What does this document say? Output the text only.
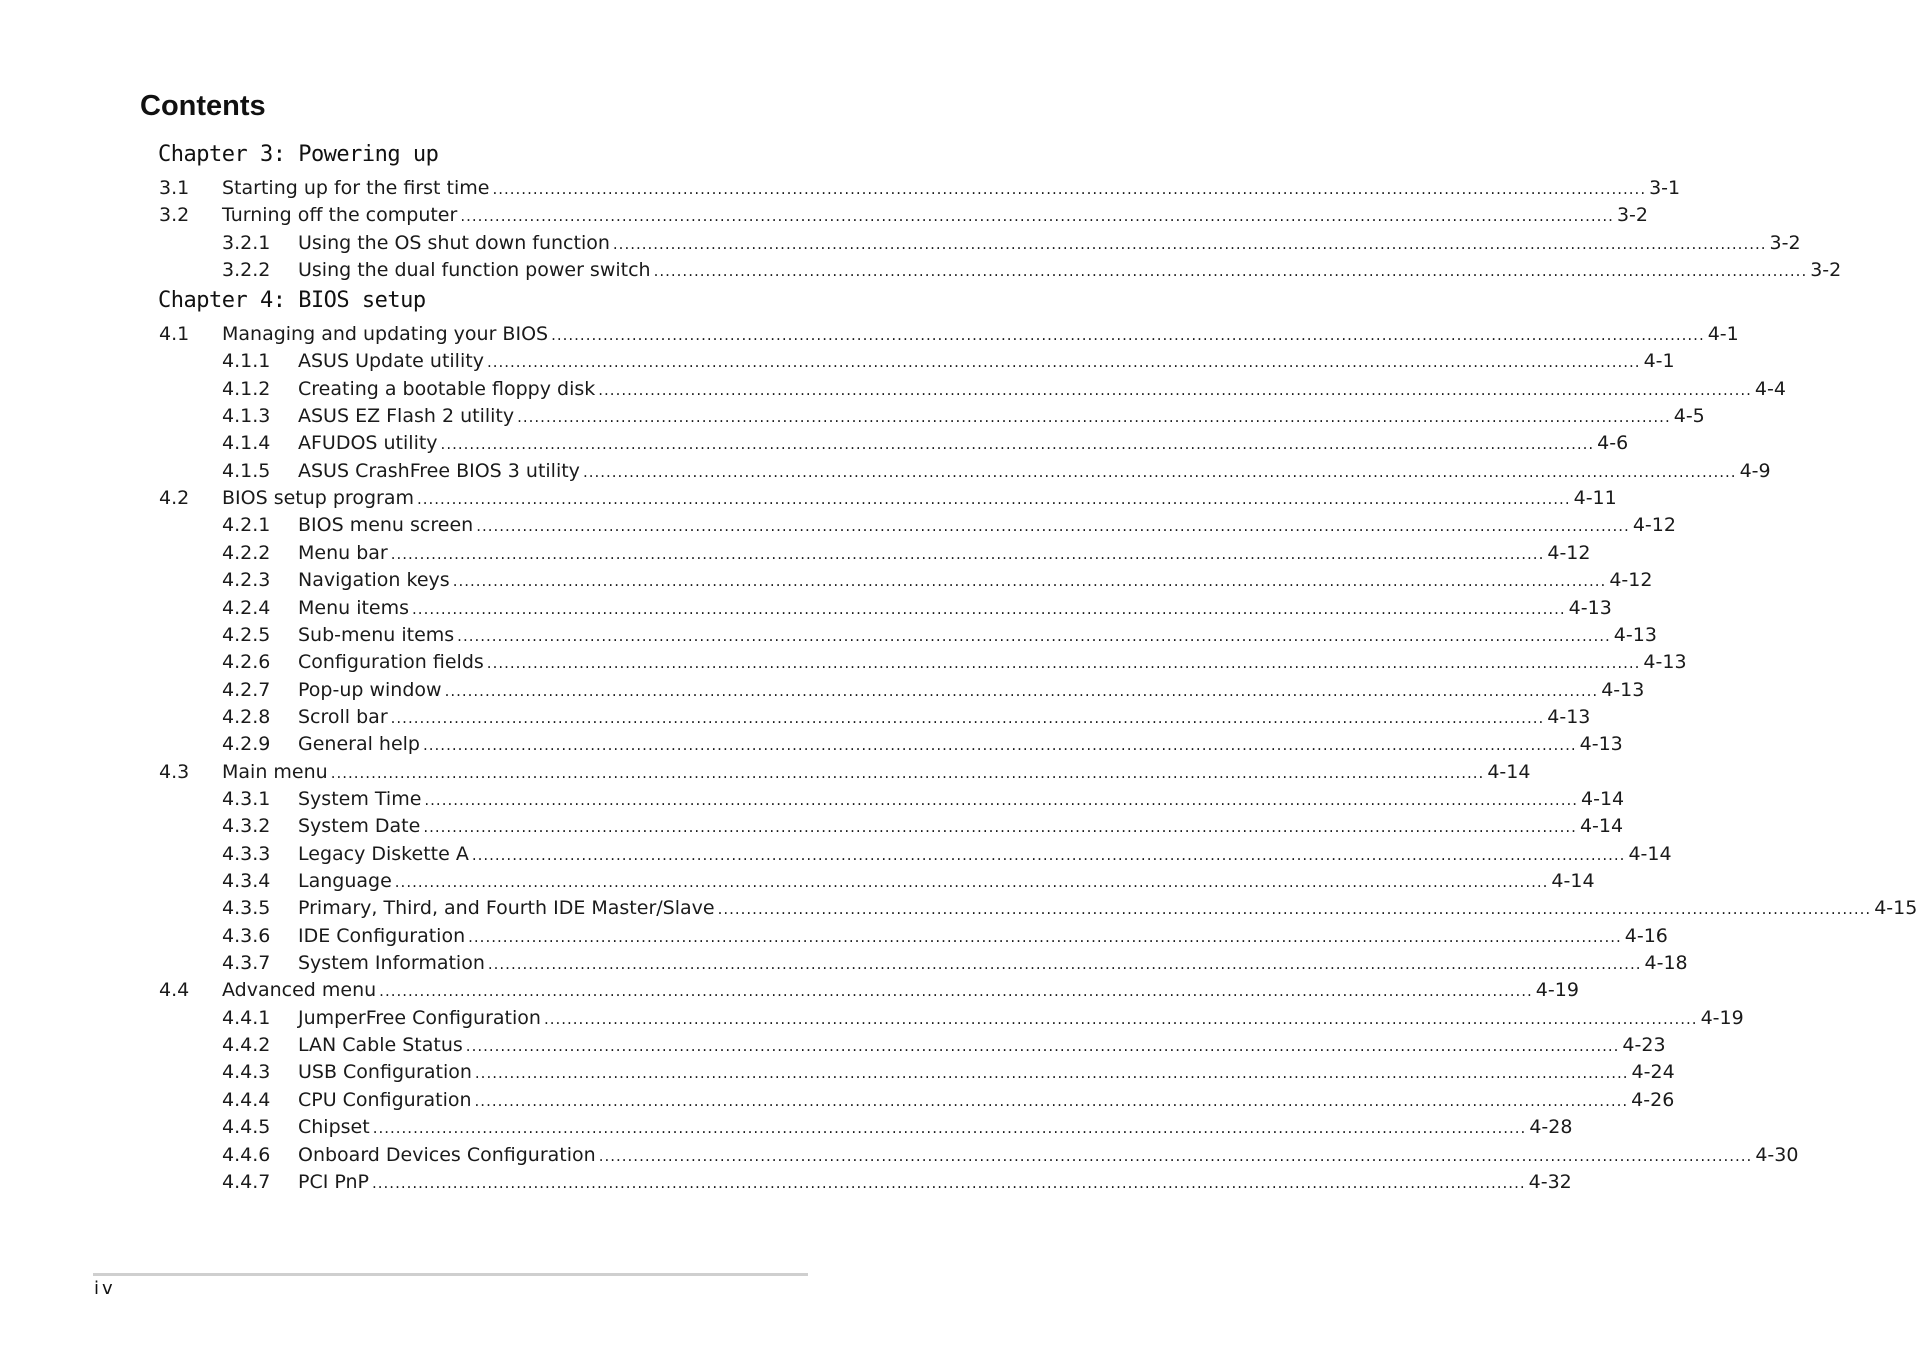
Contents
Chapter 3: Powering up
Chapter 4: BIOS setup
3.1 Starting up for the first time ........................................................................................................................................................................................................ 3-1
3.2 Turning off the computer ........................................................................................................................................................................................................ 3-2
3.2.1 Using the OS shut down function ........................................................................................................................................................................................................ 3-2
3.2.2 Using the dual function power switch ........................................................................................................................................................................................................ 3-2
4.1 Managing and updating your BIOS ........................................................................................................................................................................................................ 4-1
4.1.1 ASUS Update utility ........................................................................................................................................................................................................ 4-1
4.1.2 Creating a bootable floppy disk ........................................................................................................................................................................................................ 4-4
4.1.3 ASUS EZ Flash 2 utility ........................................................................................................................................................................................................ 4-5
4.1.4 AFUDOS utility ........................................................................................................................................................................................................ 4-6
4.1.5 ASUS CrashFree BIOS 3 utility ........................................................................................................................................................................................................ 4-9
4.2 BIOS setup program ........................................................................................................................................................................................................ 4-11
4.2.1 BIOS menu screen ........................................................................................................................................................................................................ 4-12
4.2.2 Menu bar ........................................................................................................................................................................................................ 4-12
4.2.3 Navigation keys ........................................................................................................................................................................................................ 4-12
4.2.4 Menu items ........................................................................................................................................................................................................ 4-13
4.2.5 Sub-menu items ........................................................................................................................................................................................................ 4-13
4.2.6 Configuration fields ........................................................................................................................................................................................................ 4-13
4.2.7 Pop-up window ........................................................................................................................................................................................................ 4-13
4.2.8 Scroll bar ........................................................................................................................................................................................................ 4-13
4.2.9 General help ........................................................................................................................................................................................................ 4-13
4.3 Main menu ........................................................................................................................................................................................................ 4-14
4.3.1 System Time ........................................................................................................................................................................................................ 4-14
4.3.2 System Date ........................................................................................................................................................................................................ 4-14
4.3.3 Legacy Diskette A ........................................................................................................................................................................................................ 4-14
4.3.4 Language ........................................................................................................................................................................................................ 4-14
4.3.5 Primary, Third, and Fourth IDE Master/Slave ........................................................................................................................................................................................................ 4-15
4.3.6 IDE Configuration ........................................................................................................................................................................................................ 4-16
4.3.7 System Information ........................................................................................................................................................................................................ 4-18
4.4 Advanced menu ........................................................................................................................................................................................................ 4-19
4.4.1 JumperFree Configuration ........................................................................................................................................................................................................ 4-19
4.4.2 LAN Cable Status ........................................................................................................................................................................................................ 4-23
4.4.3 USB Configuration ........................................................................................................................................................................................................ 4-24
4.4.4 CPU Configuration ........................................................................................................................................................................................................ 4-26
4.4.5 Chipset ........................................................................................................................................................................................................ 4-28
4.4.6 Onboard Devices Configuration ........................................................................................................................................................................................................ 4-30
4.4.7 PCI PnP ........................................................................................................................................................................................................ 4-32
iv
